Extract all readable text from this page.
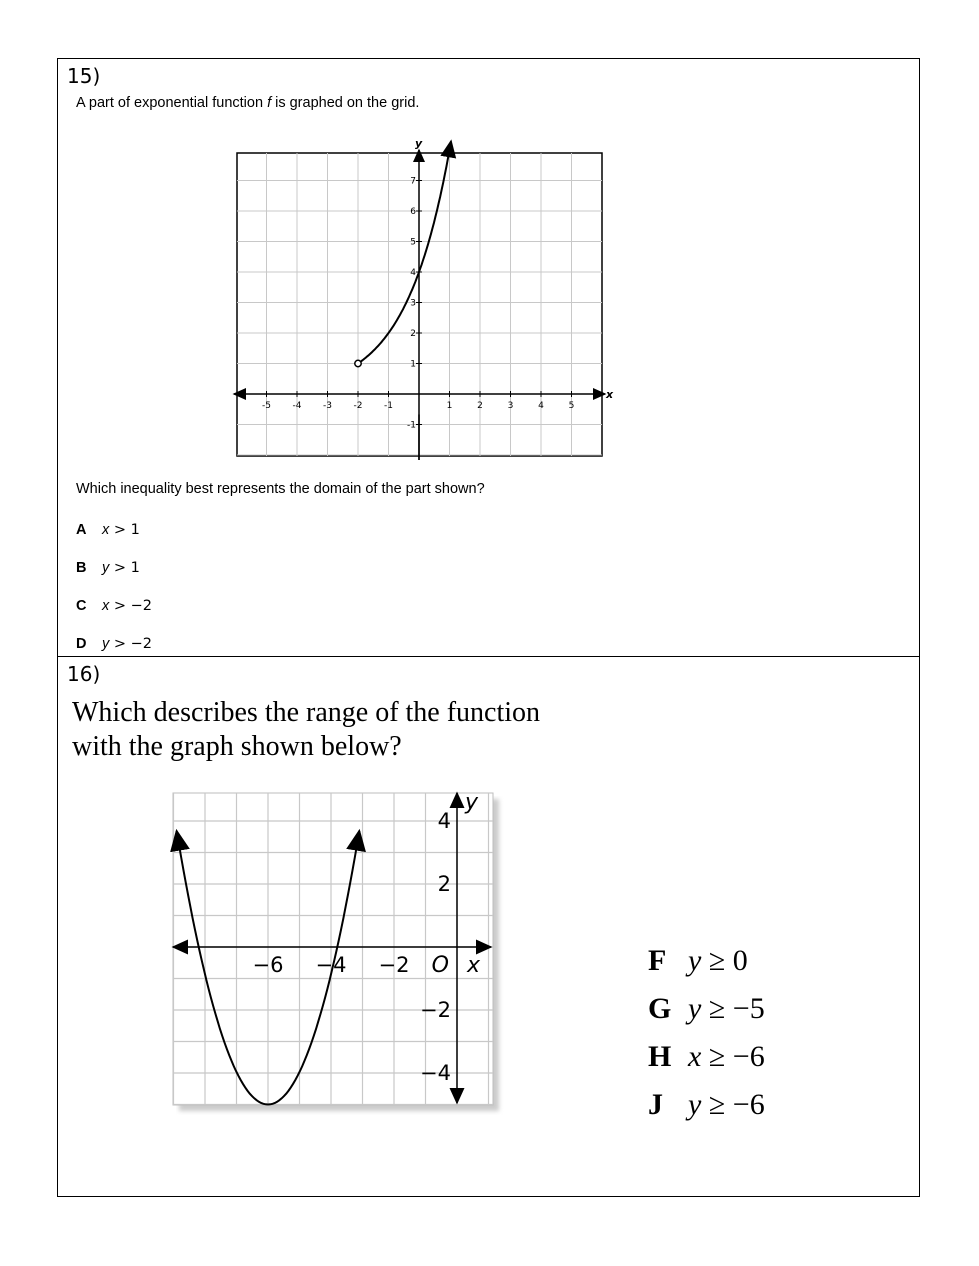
15)
A part of exponential function f is graphed on the grid.
y
x
-5 -4 -3 -2 -1	1	2	3	4	5
7
6
5
4
3
2
1
-1
Which inequality best represents the domain of the part shown?
A x > 1
B y > 1
C x > −2
D y > −2
16)
Which describes the range of the function
with the graph shown below?
y
x
O
−6 −4 −2
4
2
−2
−4
F y ≥ 0
G y ≥ −5
H x ≥ −6
J y ≥ −6
